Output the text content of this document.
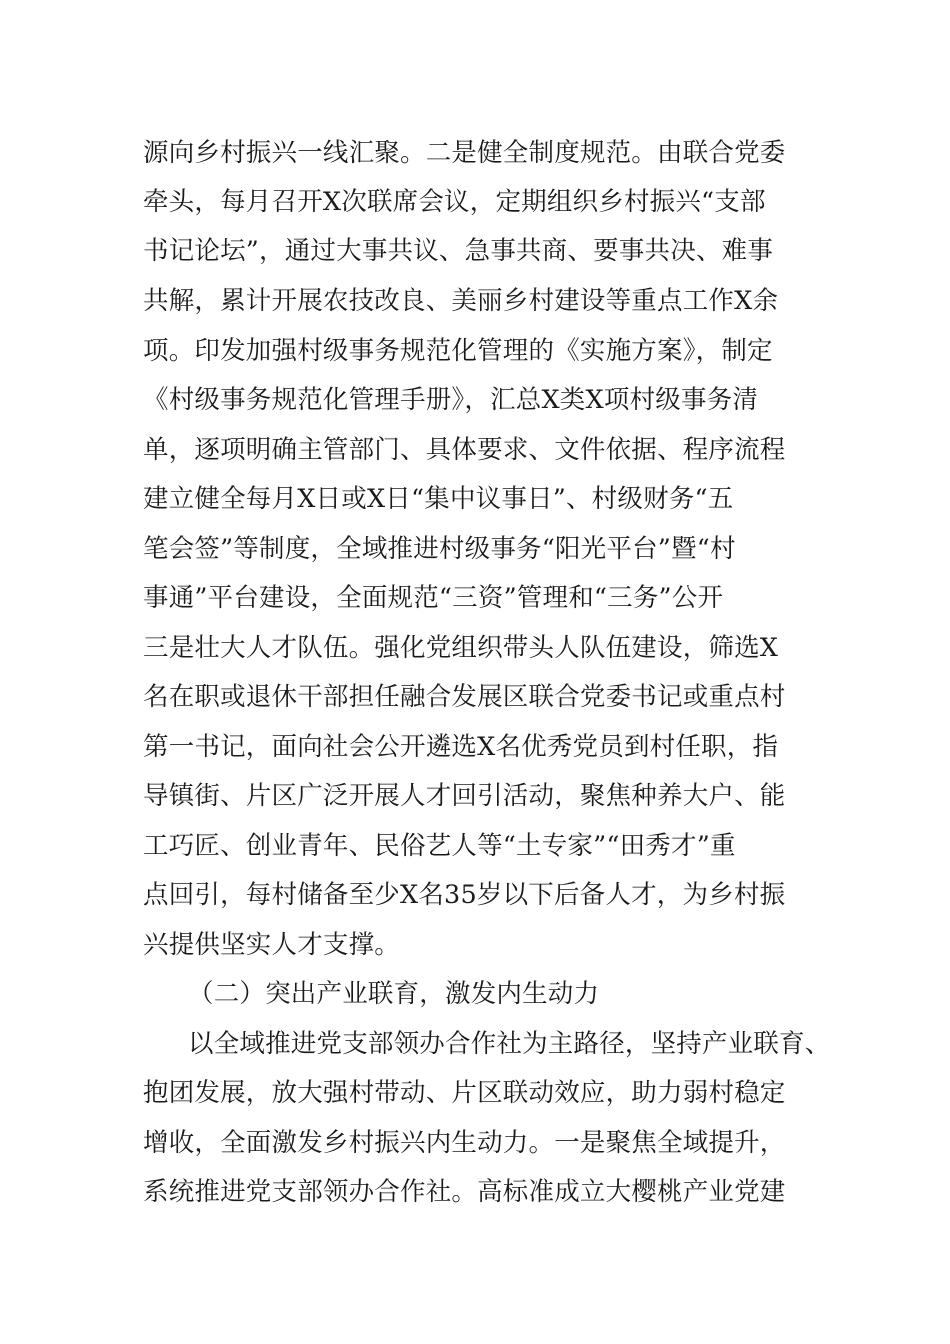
源向乡村振兴一线汇聚。二是健全制度规范。由联合党委
牵头，每月召开X次联席会议，定期组织乡村振兴“支部
书记论坛”，通过大事共议、急事共商、要事共决、难事
共解，累计开展农技改良、美丽乡村建设等重点工作X余
项。印发加强村级事务规范化管理的《实施方案》，制定
《村级事务规范化管理手册》，汇总X类X项村级事务清
单，逐项明确主管部门、具体要求、文件依据、程序流程
建立健全每月X日或X日“集中议事日”、村级财务“五
笔会签”等制度，全域推进村级事务“阳光平台”暨“村
事通”平台建设，全面规范“三资”管理和“三务”公开
三是壮大人才队伍。强化党组织带头人队伍建设，筛选X
名在职或退休干部担任融合发展区联合党委书记或重点村
第一书记，面向社会公开遴选X名优秀党员到村任职，指
导镇街、片区广泛开展人才回引活动，聚焦种养大户、能
工巧匠、创业青年、民俗艺人等“土专家”“田秀才”重
点回引，每村储备至少X名35岁以下后备人才，为乡村振
兴提供坚实人才支撑。
（二）突出产业联育，激发内生动力
以全域推进党支部领办合作社为主路径，坚持产业联育、
抱团发展，放大强村带动、片区联动效应，助力弱村稳定
增收，全面激发乡村振兴内生动力。一是聚焦全域提升，
系统推进党支部领办合作社。高标准成立大樱桃产业党建
